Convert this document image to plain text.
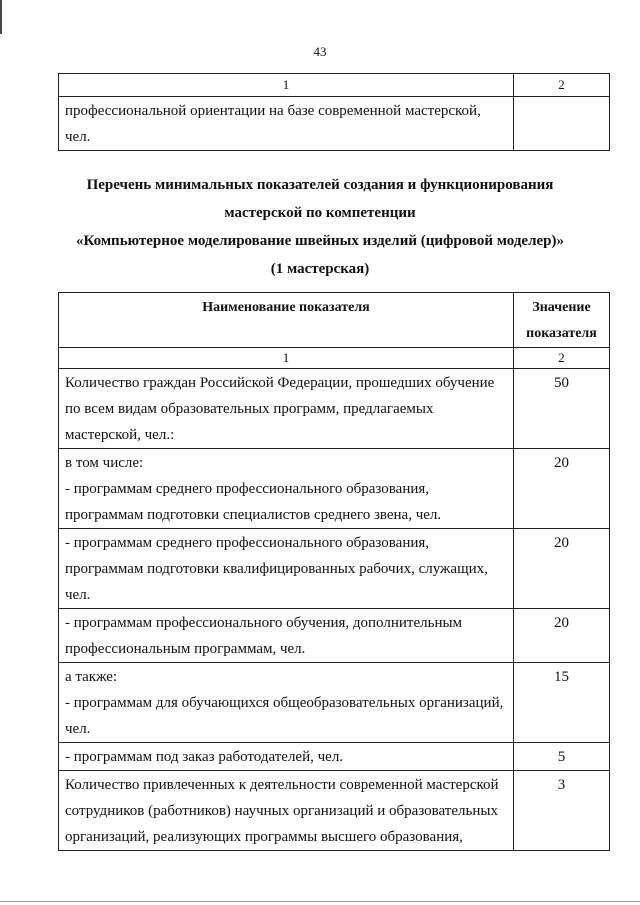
43
1	2

профессиональной ориентации на базе современной мастерской, чел.	

Перечень минимальных показателей создания и функционирования
мастерской по компетенции
«Компьютерное моделирование швейных изделий (цифровой моделер)»
(1 мастерская)
Наименование показателя	Значение показателя
1	2

Количество граждан Российской Федерации, прошедших обучение по всем видам образовательных программ, предлагаемых мастерской, чел.:	50

в том числе:
- программам среднего профессионального образования, программам подготовки специалистов среднего звена, чел.	20

- программам среднего профессионального образования, программам подготовки квалифицированных рабочих, служащих, чел.	20

- программам профессионального обучения, дополнительным профессиональным программам, чел.	20

а также:
- программам для обучающихся общеобразовательных организаций, чел.	15

- программам под заказ работодателей, чел.	5

Количество привлеченных к деятельности современной мастерской сотрудников (работников) научных организаций и образовательных организаций, реализующих программы высшего образования,	3
